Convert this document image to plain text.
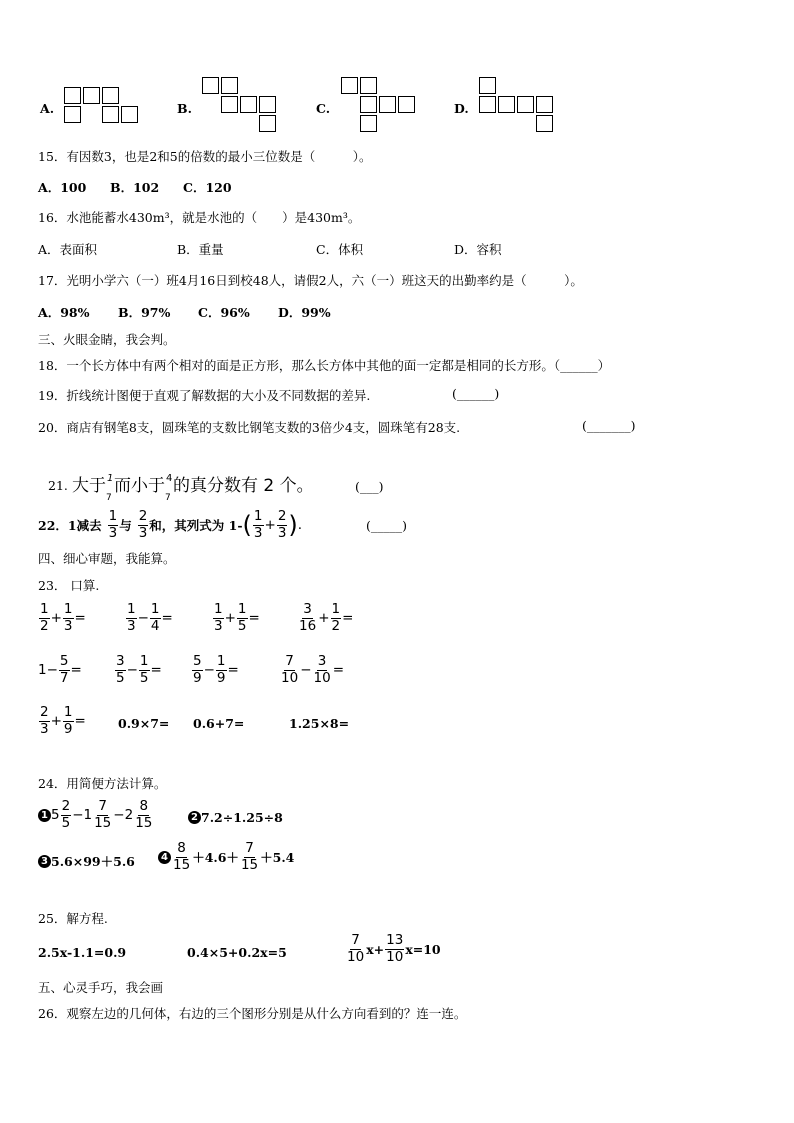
A.	B.	C.	D.
15．有因数3，也是2和5的倍数的最小三位数是（　　　）。
A．100 B．102 C．120
16．水池能蓄水430m³，就是水池的（　　）是430m³。
A．表面积	B．重量	C．体积	D．容积
17．光明小学六（一）班4月16日到校48人，请假2人，六（一）班这天的出勤率约是（　　　）。
A．98% B．97% C．96% D．99%
三、火眼金睛，我会判。
18．一个长方体中有两个相对的面是正方形，那么长方体中其他的面一定都是相同的长方形。（______）
19．折线统计图便于直观了解数据的大小及不同数据的差异.	(______)
20．商店有钢笔8支，圆珠笔的支数比钢笔支数的3倍少4支，圆珠笔有28支.	(_______)
21. 大于 1
7
而小于 4
7
的真分数有 2 个。	(___)
22．1减去 $\frac{1}{3}$ 与 $\frac{2}{3}$ 和，其列式为 1- ( $\frac{1}{3} + \frac{2}{3}$ ) .	(_____)
四、细心审题，我能算。
23． 口算.
$\frac{1}{2} + \frac{1}{3}$ =	$\frac{1}{3} - \frac{1}{4}$ =	$\frac{1}{3} + \frac{1}{5}$ =	$\frac{3}{16} + \frac{1}{2}$ =
$1- \frac{5}{7} = \frac{3}{5} - \frac{1}{5} = \frac{5}{9} - \frac{1}{9}$ =	$\frac{7}{10} - \frac{3}{10}$ =
$\frac{2}{3} + \frac{1}{9}$ =	0.9×7= 0.6+7=	1.25×8=
24．用简便方法计算。
1 $5 \frac{2}{5} -1 \frac{7}{15} -2 \frac{8}{15}$	2 7.2÷1.25÷8
3 5.6×99＋5.6	$4 \frac{8}{15} +4.6+ \frac{7}{15} +5.4$
25．解方程.
2.5x-1.1=0.9	0.4×5+0.2x=5	$\frac{7}{10} x+ \frac{13}{10} x=10$
五、心灵手巧，我会画
26．观察左边的几何体，右边的三个图形分别是从什么方向看到的？连一连。
